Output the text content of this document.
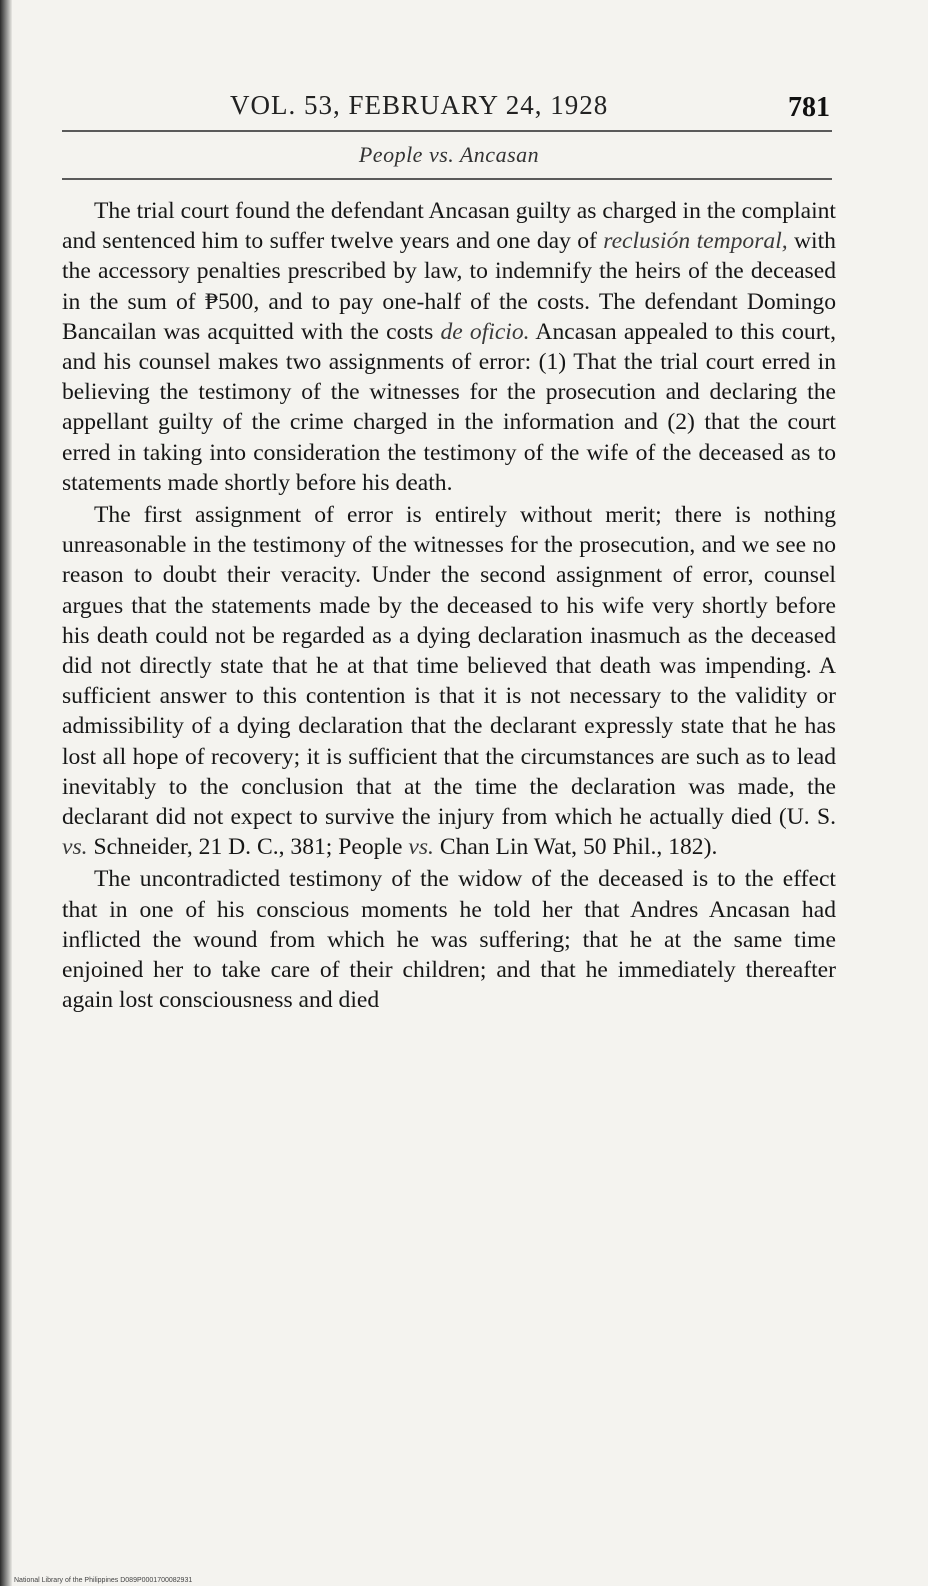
VOL. 53, FEBRUARY 24, 1928	781
People vs. Ancasan

The trial court found the defendant Ancasan guilty as charged in the complaint and sentenced him to suffer twelve years and one day of reclusión temporal, with the accessory penalties prescribed by law, to indemnify the heirs of the deceased in the sum of ₱500, and to pay one-half of the costs. The defendant Domingo Bancailan was acquitted with the costs de oficio. Ancasan appealed to this court, and his counsel makes two assignments of error: (1) That the trial court erred in believing the testimony of the witnesses for the prosecution and declaring the appellant guilty of the crime charged in the information and (2) that the court erred in taking into consideration the testimony of the wife of the deceased as to statements made shortly before his death.

The first assignment of error is entirely without merit; there is nothing unreasonable in the testimony of the witnesses for the prosecution, and we see no reason to doubt their veracity. Under the second assignment of error, counsel argues that the statements made by the deceased to his wife very shortly before his death could not be regarded as a dying declaration inasmuch as the deceased did not directly state that he at that time believed that death was impending. A sufficient answer to this contention is that it is not necessary to the validity or admissibility of a dying declaration that the declarant expressly state that he has lost all hope of recovery; it is sufficient that the circumstances are such as to lead inevitably to the conclusion that at the time the declaration was made, the declarant did not expect to survive the injury from which he actually died (U. S. vs. Schneider, 21 D. C., 381; People vs. Chan Lin Wat, 50 Phil., 182).

The uncontradicted testimony of the widow of the deceased is to the effect that in one of his conscious moments he told her that Andres Ancasan had inflicted the wound from which he was suffering; that he at the same time enjoined her to take care of their children; and that he immediately thereafter again lost consciousness and died

National Library of the Philippines D089P0001700082931
